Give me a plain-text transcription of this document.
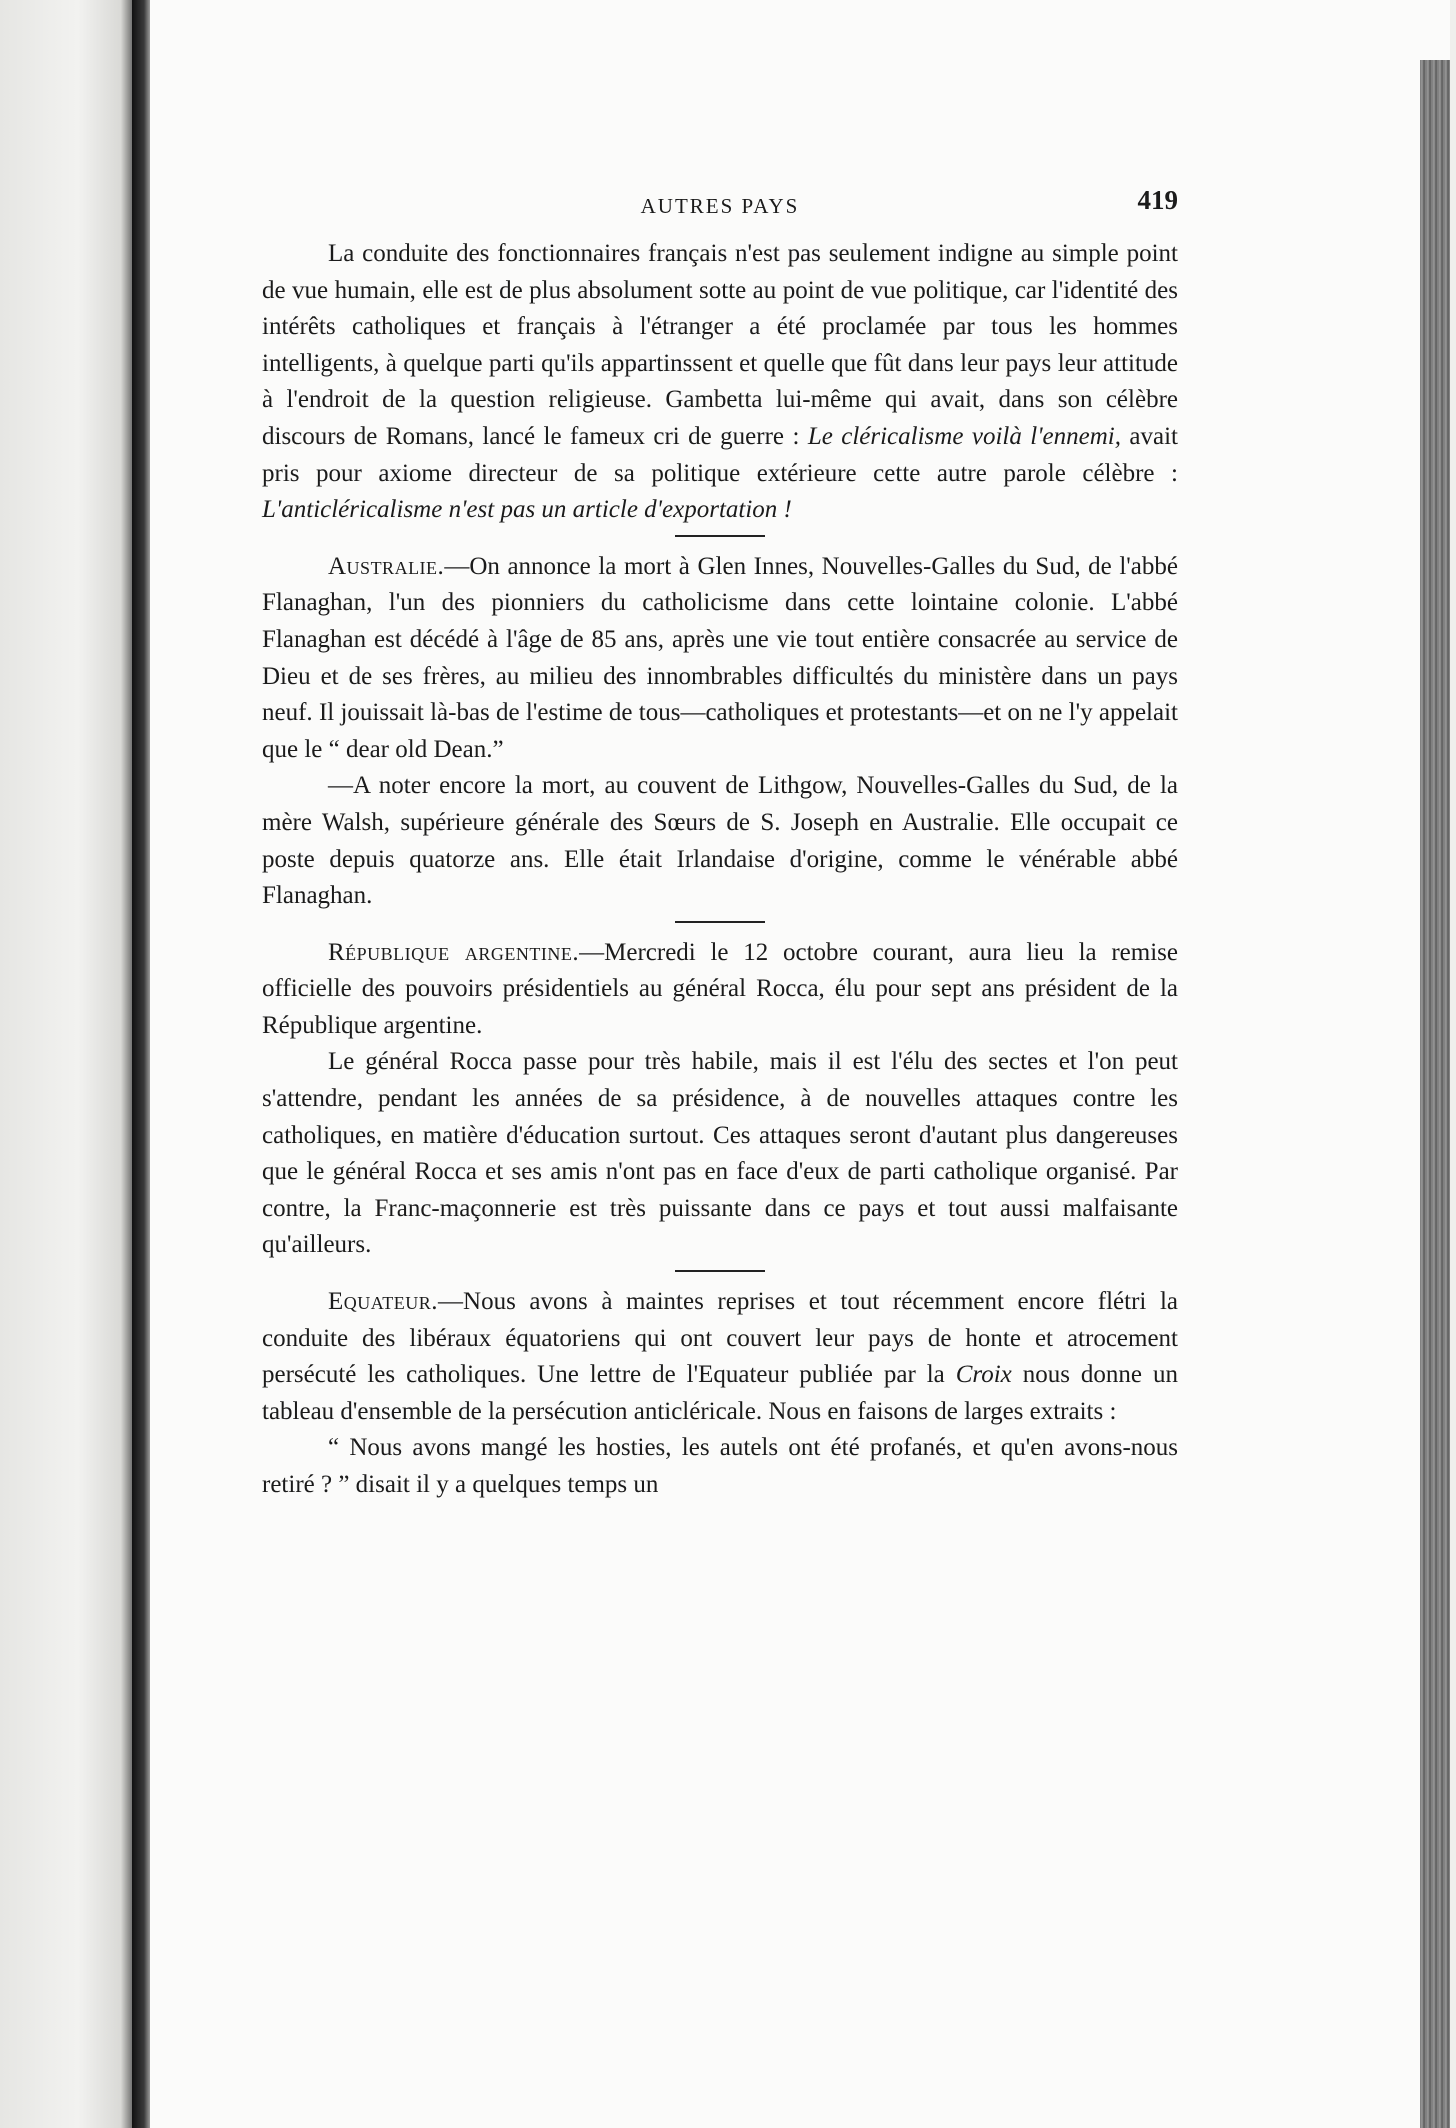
AUTRES PAYS	419

La conduite des fonctionnaires français n'est pas seulement indigne au simple point de vue humain, elle est de plus absolument sotte au point de vue politique, car l'identité des intérêts catholiques et français à l'étranger a été proclamée par tous les hommes intelligents, à quelque parti qu'ils appartinssent et quelle que fût dans leur pays leur attitude à l'endroit de la question religieuse. Gambetta lui-même qui avait, dans son célèbre discours de Romans, lancé le fameux cri de guerre : Le cléricalisme voilà l'ennemi, avait pris pour axiome directeur de sa politique extérieure cette autre parole célèbre : L'anticléricalisme n'est pas un article d'exportation !

Australie.—On annonce la mort à Glen Innes, Nouvelles-Galles du Sud, de l'abbé Flanaghan, l'un des pionniers du catholicisme dans cette lointaine colonie. L'abbé Flanaghan est décédé à l'âge de 85 ans, après une vie tout entière consacrée au service de Dieu et de ses frères, au milieu des innombrables difficultés du ministère dans un pays neuf. Il jouissait là-bas de l'estime de tous—catholiques et protestants—et on ne l'y appelait que le “ dear old Dean.”

—A noter encore la mort, au couvent de Lithgow, Nouvelles-Galles du Sud, de la mère Walsh, supérieure générale des Sœurs de S. Joseph en Australie. Elle occupait ce poste depuis quatorze ans. Elle était Irlandaise d'origine, comme le vénérable abbé Flanaghan.

République argentine.—Mercredi le 12 octobre courant, aura lieu la remise officielle des pouvoirs présidentiels au général Rocca, élu pour sept ans président de la République argentine.

Le général Rocca passe pour très habile, mais il est l'élu des sectes et l'on peut s'attendre, pendant les années de sa présidence, à de nouvelles attaques contre les catholiques, en matière d'éducation surtout. Ces attaques seront d'autant plus dangereuses que le général Rocca et ses amis n'ont pas en face d'eux de parti catholique organisé. Par contre, la Franc-maçonnerie est très puissante dans ce pays et tout aussi malfaisante qu'ailleurs.

Equateur.—Nous avons à maintes reprises et tout récemment encore flétri la conduite des libéraux équatoriens qui ont couvert leur pays de honte et atrocement persécuté les catholiques. Une lettre de l'Equateur publiée par la Croix nous donne un tableau d'ensemble de la persécution anticléricale. Nous en faisons de larges extraits :

“ Nous avons mangé les hosties, les autels ont été profanés, et qu'en avons-nous retiré ? ” disait il y a quelques temps un
